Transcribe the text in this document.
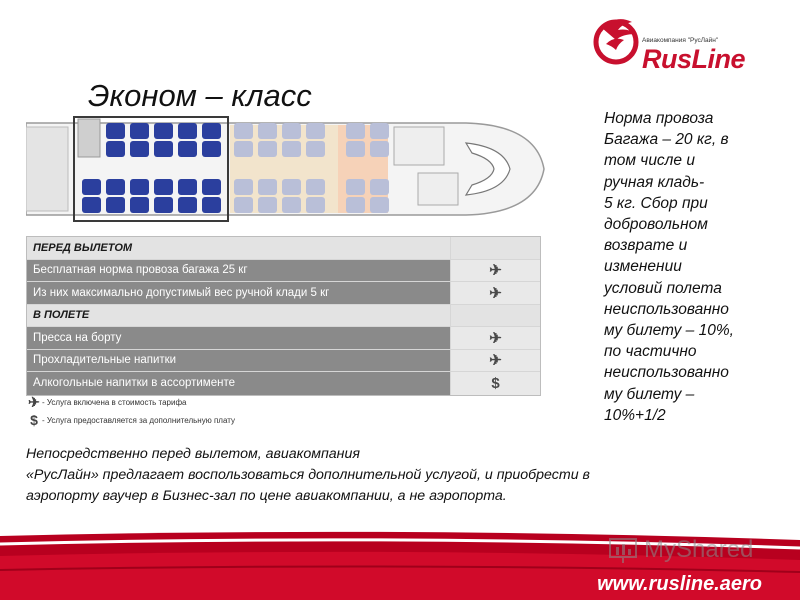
Авиакомпания "РусЛайн"
RusLine
Эконом – класс
ПЕРЕД ВЫЛЕТОМ
Бесплатная норма провоза багажа 25 кг	✈
Из них максимально допустимый вес ручной клади 5 кг	✈
В ПОЛЕТЕ
Пресса на борту	✈
Прохладительные напитки	✈
Алкогольные напитки в ассортименте	$
✈ - Услуга включена в стоимость тарифа
$ - Услуга предоставляется за дополнительную плату
Норма провоза
Багажа – 20 кг, в
том числе и
ручная кладь-
5 кг. Сбор при
добровольном
возврате и
изменении
условий полета
неиспользованно
му билету – 10%,
по частично
неиспользованно
му билету –
10%+1/2
Непосредственно перед вылетом, авиакомпания
«РусЛайн» предлагает воспользоваться дополнительной услугой, и приобрести в
аэропорту ваучер в Бизнес-зал по цене авиакомпании, а не аэропорта.
www.rusline.aero
MyShared
